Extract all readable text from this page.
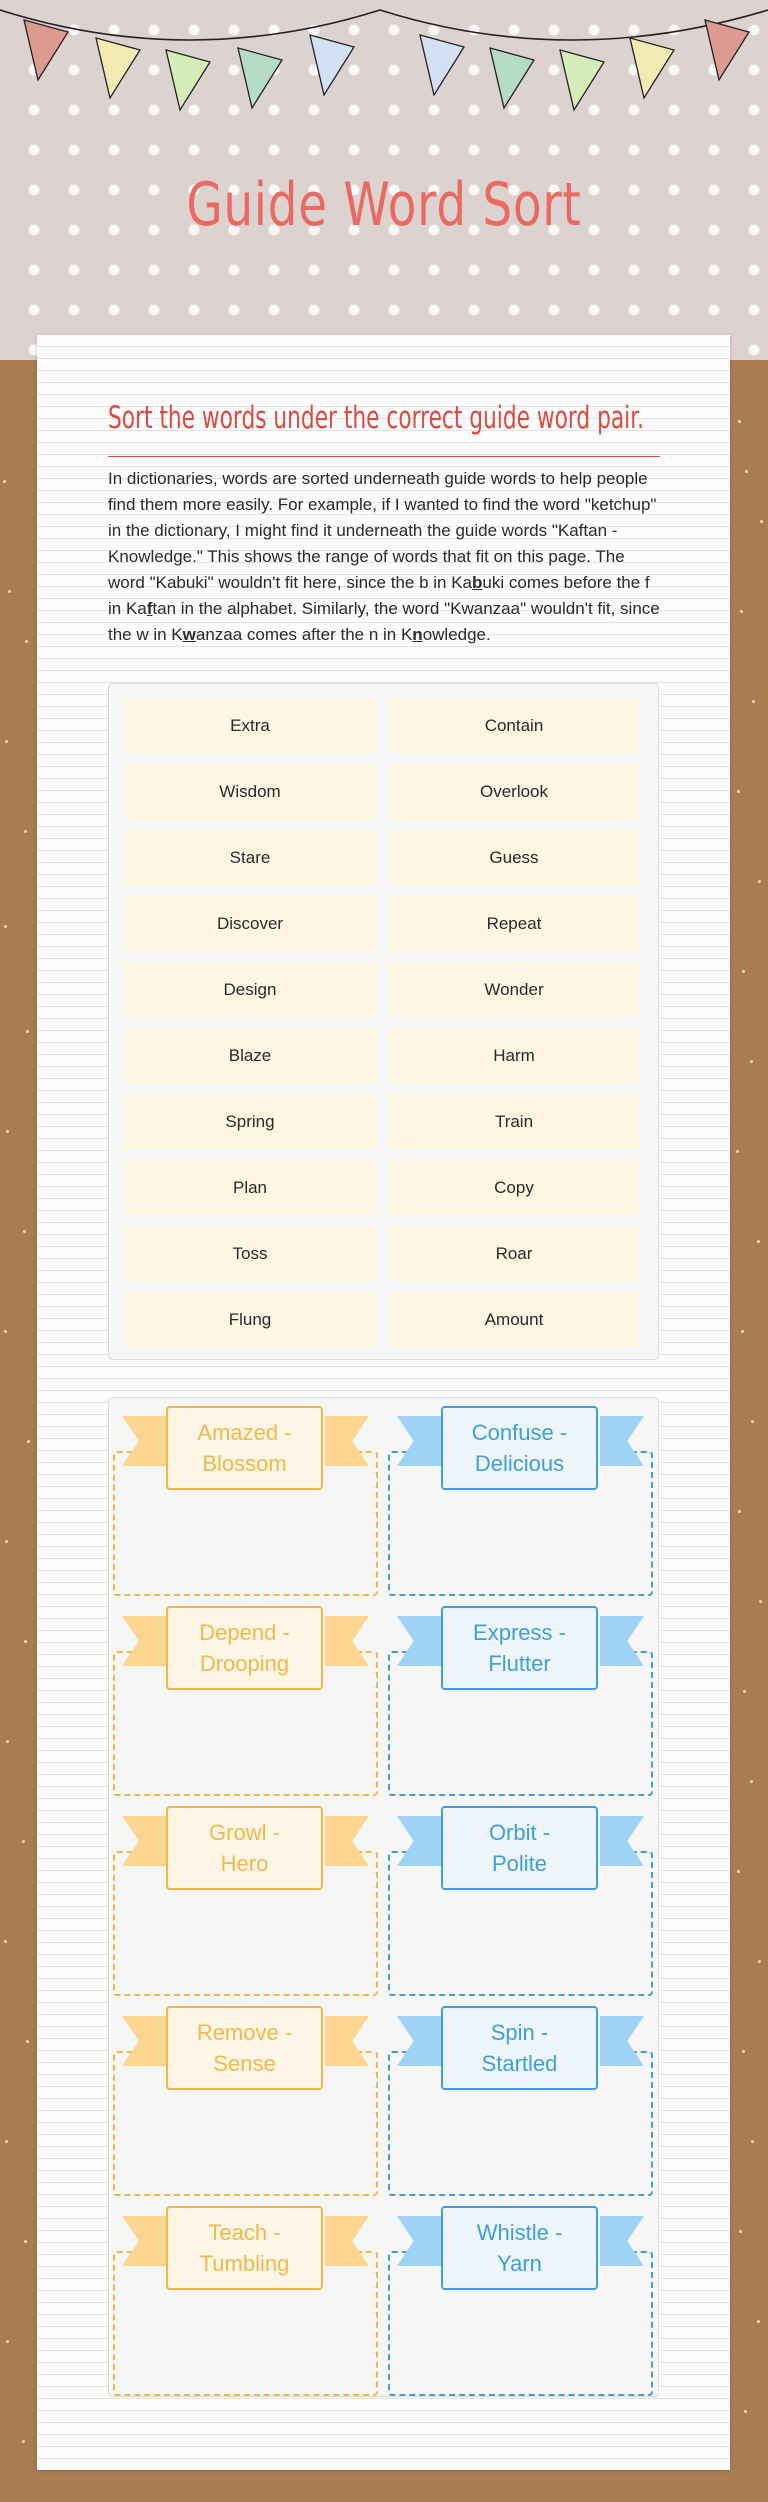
Guide Word Sort
Sort the words under the correct guide word pair.

In dictionaries, words are sorted underneath guide words to help people find them more easily. For example, if I wanted to find the word "ketchup" in the dictionary, I might find it underneath the guide words "Kaftan - Knowledge." This shows the range of words that fit on this page. The word "Kabuki" wouldn't fit here, since the b in Kabuki comes before the f in Kaftan in the alphabet. Similarly, the word "Kwanzaa" wouldn't fit, since the w in Kwanzaa comes after the n in Knowledge.

Extra	Contain
Wisdom	Overlook
Stare	Guess
Discover	Repeat
Design	Wonder
Blaze	Harm
Spring	Train
Plan	Copy
Toss	Roar
Flung	Amount
Amazed -
Blossom
Confuse -
Delicious
Depend -
Drooping
Express -
Flutter
Growl -
Hero
Orbit -
Polite
Remove -
Sense
Spin -
Startled
Teach -
Tumbling
Whistle -
Yarn
